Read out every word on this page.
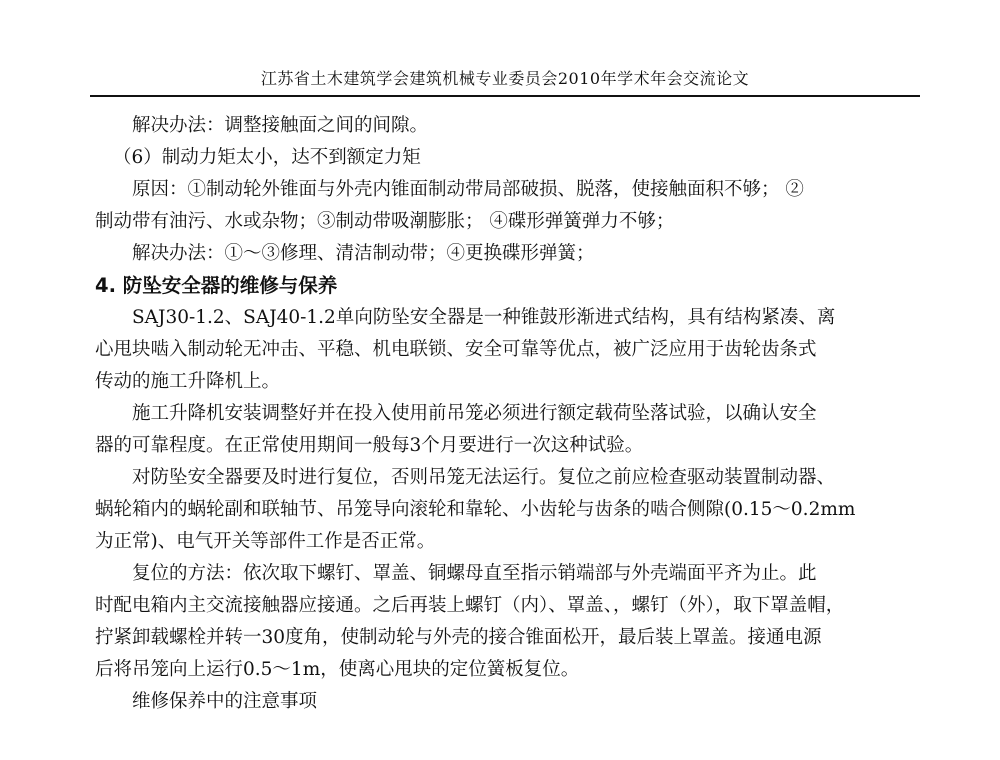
江苏省土木建筑学会建筑机械专业委员会2010年学术年会交流论文
解决办法：调整接触面之间的间隙。
（6）制动力矩太小，达不到额定力矩
原因：①制动轮外锥面与外壳内锥面制动带局部破损、脱落，使接触面积不够； ②
制动带有油污、水或杂物；③制动带吸潮膨胀； ④碟形弹簧弹力不够；
解决办法：①～③修理、清洁制动带；④更换碟形弹簧；
4. 防坠安全器的维修与保养
SAJ30-1.2、SAJ40-1.2单向防坠安全器是一种锥鼓形渐进式结构，具有结构紧凑、离
心甩块啮入制动轮无冲击、平稳、机电联锁、安全可靠等优点，被广泛应用于齿轮齿条式
传动的施工升降机上。
施工升降机安装调整好并在投入使用前吊笼必须进行额定载荷坠落试验，以确认安全
器的可靠程度。在正常使用期间一般每3个月要进行一次这种试验。
对防坠安全器要及时进行复位，否则吊笼无法运行。复位之前应检查驱动装置制动器、
蜗轮箱内的蜗轮副和联轴节、吊笼导向滚轮和靠轮、小齿轮与齿条的啮合侧隙(0.15～0.2mm
为正常)、电气开关等部件工作是否正常。
复位的方法：依次取下螺钉、罩盖、铜螺母直至指示销端部与外壳端面平齐为止。此
时配电箱内主交流接触器应接通。之后再装上螺钉（内）、罩盖、，螺钉（外），取下罩盖帽，
拧紧卸载螺栓并转一30度角，使制动轮与外壳的接合锥面松开，最后装上罩盖。接通电源
后将吊笼向上运行0.5～1m，使离心甩块的定位簧板复位。
维修保养中的注意事项
